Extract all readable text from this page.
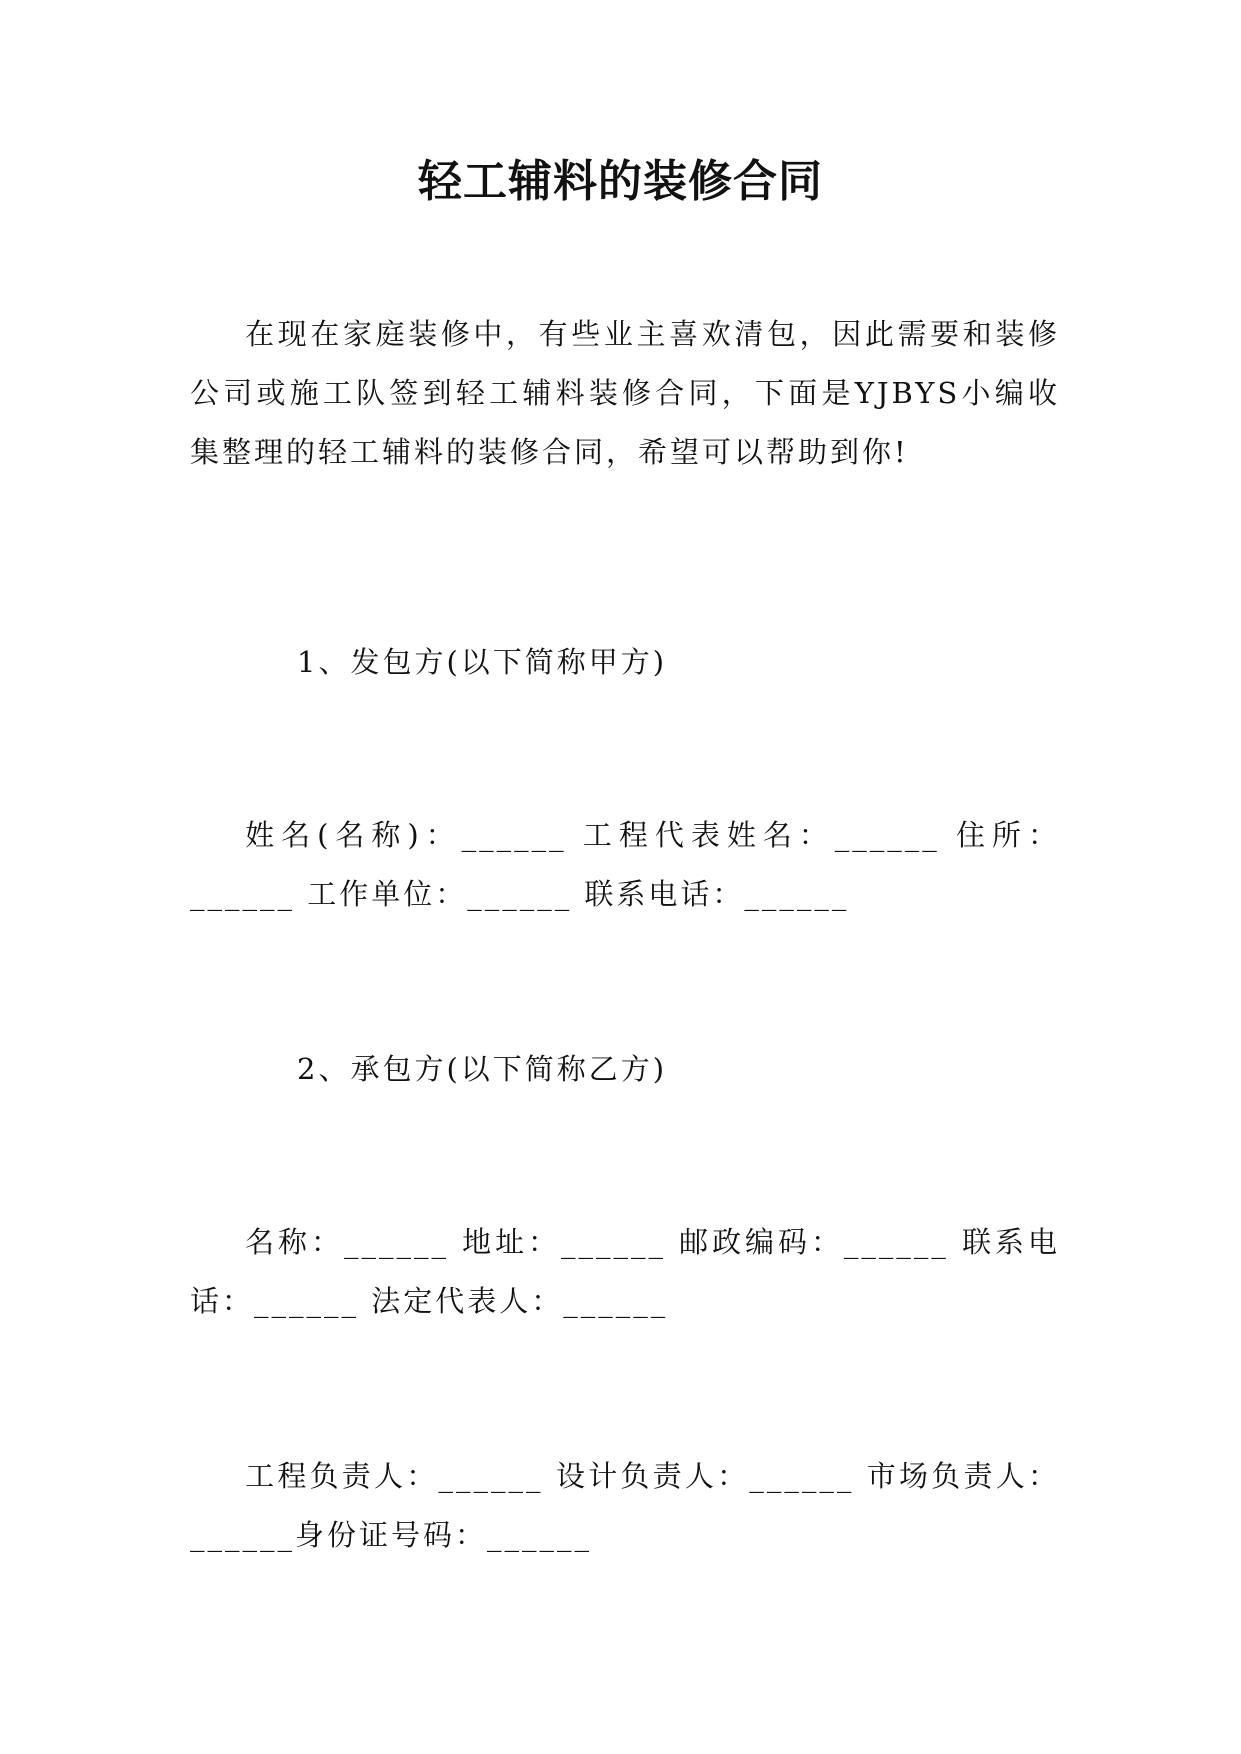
轻工辅料的装修合同
在现在家庭装修中，有些业主喜欢清包，因此需要和装修公司或施工队签到轻工辅料装修合同，下面是YJBYS小编收集整理的轻工辅料的装修合同，希望可以帮助到你!
1、发包方(以下简称甲方)
姓名(名称)：______ 工程代表姓名：______ 住所：______ 工作单位：______ 联系电话：______
2、承包方(以下简称乙方)
名称：______ 地址：______ 邮政编码：______ 联系电话：______ 法定代表人：______
工程负责人：______ 设计负责人：______ 市场负责人： ______身份证号码：______
